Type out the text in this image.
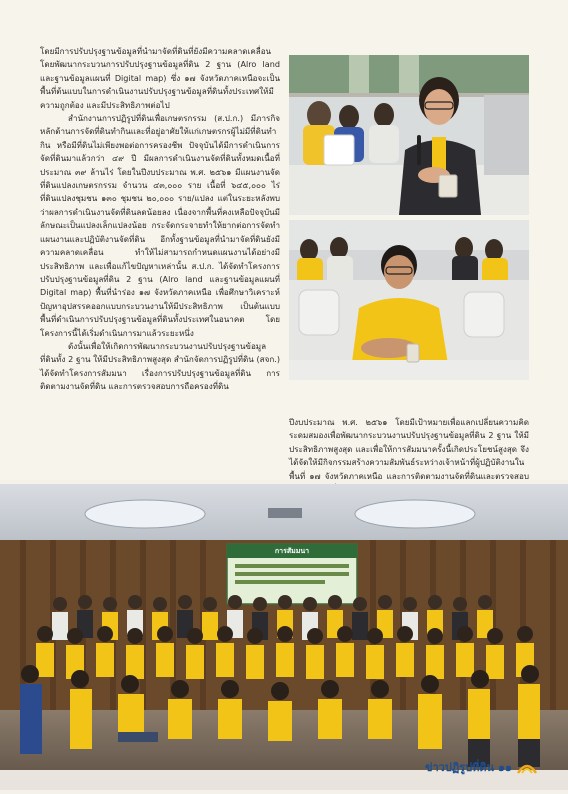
โดยมีการปรับปรุงฐานข้อมูลที่นำมาจัดที่ดินที่ยังมีความคลาดเคลื่อน โดยพัฒนากระบวนการปรับปรุงฐานข้อมูลที่ดิน 2 ฐาน (Alro land และฐานข้อมูลแผนที่ Digital map) ซึ่ง ๑๗ จังหวัดภาคเหนือจะเป็นพื้นที่ต้นแบบในการดำเนินงานปรับปรุงฐานข้อมูลที่ดินทั้งประเทศให้มีความถูกต้อง และมีประสิทธิภาพต่อไป

สำนักงานการปฏิรูปที่ดินเพื่อเกษตรกรรม (ส.ป.ก.) มีภารกิจหลักด้านการจัดที่ดินทำกินและที่อยู่อาศัยให้แก่เกษตรกรผู้ไม่มีที่ดินทำกิน หรือมีที่ดินไม่เพียงพอต่อการครองชีพ ปัจจุบันได้มีการดำเนินการจัดที่ดินมาแล้วกว่า ๔๙ ปี มีผลการดำเนินงานจัดที่ดินทั้งหมดเนื้อที่ประมาณ ๓๙ ล้านไร่ โดยในปีงบประมาณ พ.ศ. ๒๕๖๑ มีแผนงานจัดที่ดินแปลงเกษตรกรรม จำนวน ๔๓,๐๐๐ ราย เนื้อที่ ๖๔๕,๐๐๐ ไร่ ที่ดินแปลงชุมชน ๑๓๐ ชุมชน ๒๐,๐๐๐ ราย/แปลง แต่ในระยะหลังพบว่าผลการดำเนินงานจัดที่ดินลดน้อยลง เนื่องจากพื้นที่คงเหลือปัจจุบันมีลักษณะเป็นแปลงเล็กแปลงน้อย กระจัดกระจายทำให้ยากต่อการจัดทำแผนงานและปฏิบัติงานจัดที่ดิน อีกทั้งฐานข้อมูลที่นำมาจัดที่ดินยังมีความคลาดเคลื่อน ทำให้ไม่สามารถกำหนดแผนงานได้อย่างมีประสิทธิภาพ และเพื่อแก้ไขปัญหาเหล่านั้น ส.ป.ก. ได้จัดทำโครงการปรับปรุงฐานข้อมูลที่ดิน 2 ฐาน (Alro land และฐานข้อมูลแผนที่ Digital map) พื้นที่นำร่อง ๑๗ จังหวัดภาคเหนือ เพื่อศึกษาวิเคราะห์ปัญหาอุปสรรคออกแบบกระบวนงานให้มีประสิทธิภาพ เป็นต้นแบบพื้นที่ดำเนินการปรับปรุงฐานข้อมูลที่ดินทั้งประเทศในอนาคต โดยโครงการนี้ได้เริ่มดำเนินการมาแล้วระยะหนึ่ง

ดังนั้นเพื่อให้เกิดการพัฒนากระบวนงานปรับปรุงฐานข้อมูลที่ดินทั้ง 2 ฐาน ให้มีประสิทธิภาพสูงสุด สำนักจัดการปฏิรูปที่ดิน (สจก.) ได้จัดทำโครงการสัมมนา เรื่องการปรับปรุงฐานข้อมูลที่ดิน การติดตามงานจัดที่ดิน และการตรวจสอบการถือครองที่ดิน

ปีงบประมาณ พ.ศ. ๒๕๖๑ โดยมีเป้าหมายเพื่อแลกเปลี่ยนความคิดระดมสมองเพื่อพัฒนากระบวนงานปรับปรุงฐานข้อมูลที่ดิน 2 ฐาน ให้มีประสิทธิภาพสูงสุด และเพื่อให้การสัมมนาครั้งนี้เกิดประโยชน์สูงสุด จึงได้จัดให้มีกิจกรรมสร้างความสัมพันธ์ระหว่างเจ้าหน้าที่ผู้ปฏิบัติงานในพื้นที่ ๑๗ จังหวัดภาคเหนือ และการติดตามงานจัดที่ดินและตรวจสอบ

การสัมมนา
ข่าวปฏิรูปที่ดิน ๑๑
